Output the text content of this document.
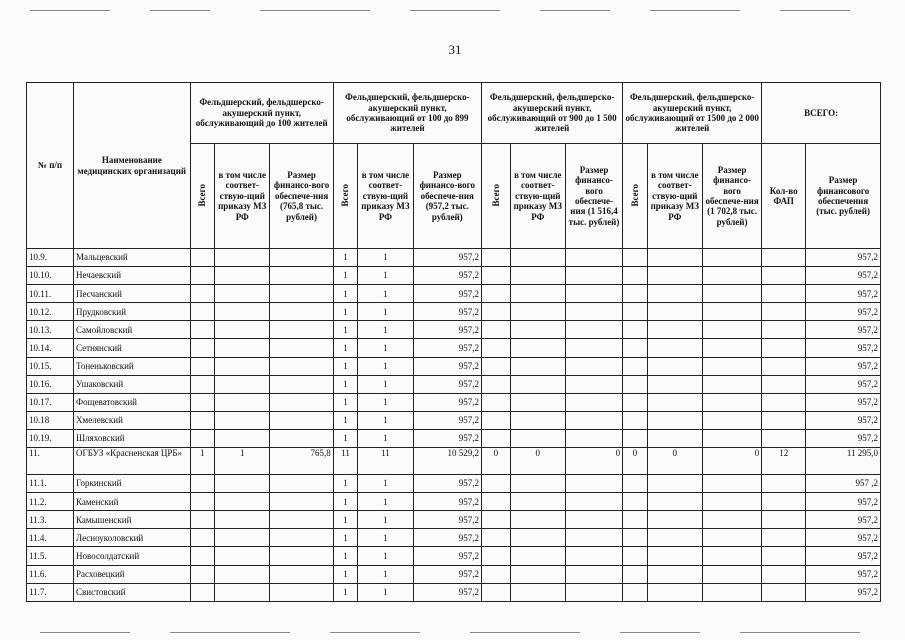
31
№ п/п	Наименование медицинских организаций	Фельдшерский, фельдшерско-акушерский пункт, обслуживающий до 100 жителей			Фельдшерский, фельдшерско-акушерский пункт, обслуживающий от 100 до 899 жителей			Фельдшерский, фельдшерско-акушерский пункт, обслуживающий от 900 до 1 500 жителей			Фельдшерский, фельдшерско-акушерский пункт, обслуживающий от 1500 до 2 000 жителей			ВСЕГО:	
		Всего	в том числе соответ-ствую-щий приказу МЗ РФ	Размер финансо-вого обеспече-ния (765,8 тыс. рублей)	Всего	в том числе соответ-ствую-щий приказу МЗ РФ	Размер финансо-вого обеспече-ния (957,2 тыс. рублей)	Всего	в том числе соответ-ствую-щий приказу МЗ РФ	Размер финансо-вого обеспече-ния (1 516,4 тыс. рублей)	Всего	в том числе соответ-ствую-щий приказу МЗ РФ	Размер финансо-вого обеспече-ния (1 702,8 тыс. рублей)	Кол-во ФАП	Размер финансового обеспечения (тыс. рублей)
10.9.	Мальцевский				1	1	957,2								957,2
10.10.	Нечаевский				1	1	957,2								957,2
10.11.	Песчанский				1	1	957,2								957,2
10.12.	Прудковский				1	1	957,2								957,2
10.13.	Самойловский				1	1	957,2								957,2
10.14.	Сетнянский				1	1	957,2								957,2
10.15.	Тоненьковский				1	1	957,2								957,2
10.16.	Ушаковский				1	1	957,2								957,2
10.17.	Фощеватовский				1	1	957,2								957,2
10.18	Хмелевский				1	1	957,2								957,2
10.19.	Шляховский				1	1	957,2								957,2
11.	ОГБУЗ «Красненская ЦРБ»	1	1	765,8	11	11	10 529,2	0	0	0	0	0	0	12	11 295,0
11.1.	Горкинский				1	1	957,2								957 ,2
11.2.	Каменский				1	1	957,2								957,2
11.3.	Камышенский				1	1	957,2								957,2
11.4.	Лесноуколовский				1	1	957,2								957,2
11.5.	Новосолдатский				1	1	957,2								957,2
11.6.	Расховецкий				1	1	957,2								957,2
11.7.	Свистовский				1	1	957,2								957,2
